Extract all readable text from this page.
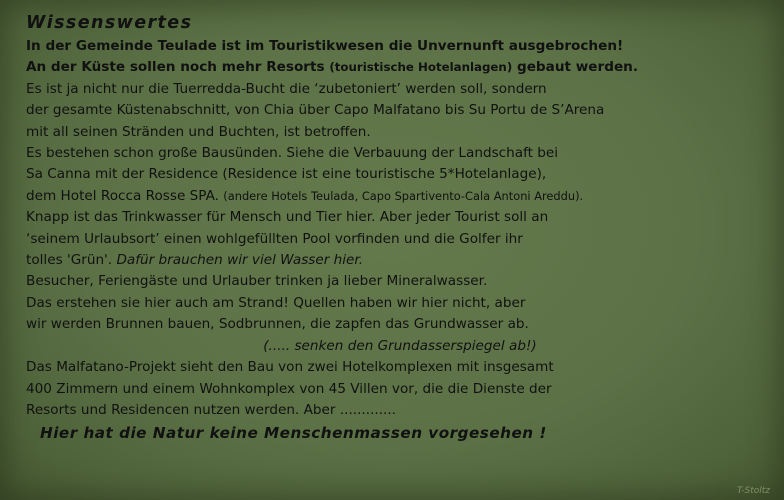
Wissenswertes
In der Gemeinde Teulade ist im Touristikwesen die Unvernunft ausgebrochen!
An der Küste sollen noch mehr Resorts (touristische Hotelanlagen) gebaut werden.
Es ist ja nicht nur die Tuerredda-Bucht die ‘zubetoniert’ werden soll, sondern
der gesamte Küstenabschnitt, von Chia über Capo Malfatano bis Su Portu de S’Arena
mit all seinen Stränden und Buchten, ist betroffen.
Es bestehen schon große Bausünden. Siehe die Verbauung der Landschaft bei
Sa Canna mit der Residence (Residence ist eine touristische 5*Hotelanlage),
dem Hotel Rocca Rosse SPA. (andere Hotels Teulada, Capo Spartivento-Cala Antoni Areddu).
Knapp ist das Trinkwasser für Mensch und Tier hier. Aber jeder Tourist soll an
‘seinem Urlaubsort’ einen wohlgefüllten Pool vorfinden und die Golfer ihr
tolles 'Grün'. Dafür brauchen wir viel Wasser hier.
Besucher, Feriengäste und Urlauber trinken ja lieber Mineralwasser.
Das erstehen sie hier auch am Strand! Quellen haben wir hier nicht, aber
wir werden Brunnen bauen, Sodbrunnen, die zapfen das Grundwasser ab.
(..... senken den Grundasserspiegel ab!)
Das Malfatano-Projekt sieht den Bau von zwei Hotelkomplexen mit insgesamt
400 Zimmern und einem Wohnkomplex von 45 Villen vor, die die Dienste der
Resorts und Residencen nutzen werden. Aber .............
Hier hat die Natur keine Menschenmassen vorgesehen !
T-Stoltz
